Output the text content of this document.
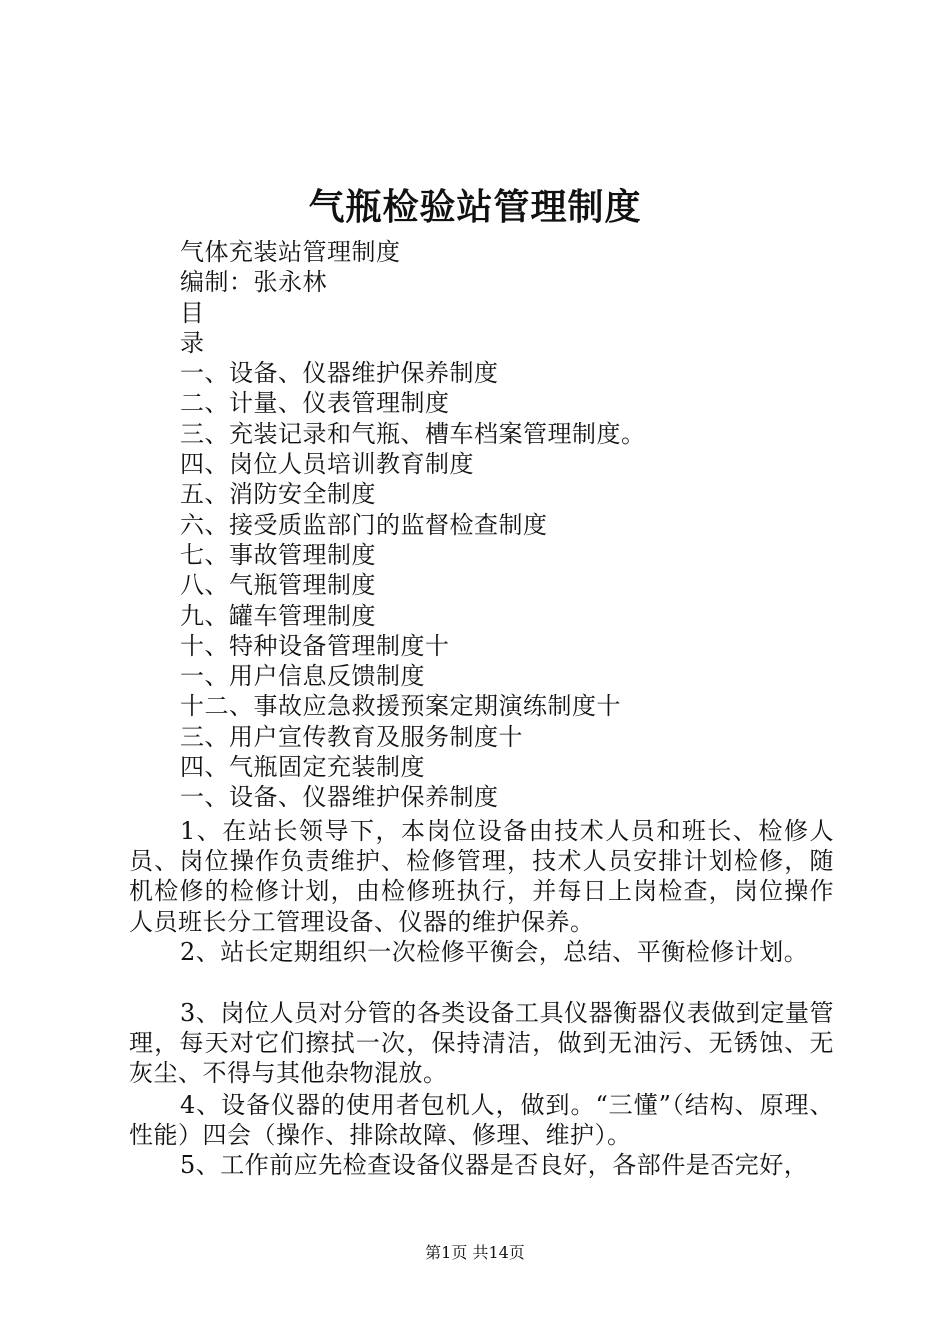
气瓶检验站管理制度
气体充装站管理制度
编制：张永林
目
录
一、设备、仪器维护保养制度
二、计量、仪表管理制度
三、充装记录和气瓶、槽车档案管理制度。
四、岗位人员培训教育制度
五、消防安全制度
六、接受质监部门的监督检查制度
七、事故管理制度
八、气瓶管理制度
九、罐车管理制度
十、特种设备管理制度十
一、用户信息反馈制度
十二、事故应急救援预案定期演练制度十
三、用户宣传教育及服务制度十
四、气瓶固定充装制度
一、设备、仪器维护保养制度
1、在站长领导下，本岗位设备由技术人员和班长、检修人员、岗位操作负责维护、检修管理，技术人员安排计划检修，随机检修的检修计划，由检修班执行，并每日上岗检查，岗位操作人员班长分工管理设备、仪器的维护保养。
2、站长定期组织一次检修平衡会，总结、平衡检修计划。
3、岗位人员对分管的各类设备工具仪器衡器仪表做到定量管理，每天对它们擦拭一次，保持清洁，做到无油污、无锈蚀、无灰尘、不得与其他杂物混放。
4、设备仪器的使用者包机人，做到。“三懂”（结构、原理、性能）四会（操作、排除故障、修理、维护）。
5、工作前应先检查设备仪器是否良好，各部件是否完好，
第1页 共14页
